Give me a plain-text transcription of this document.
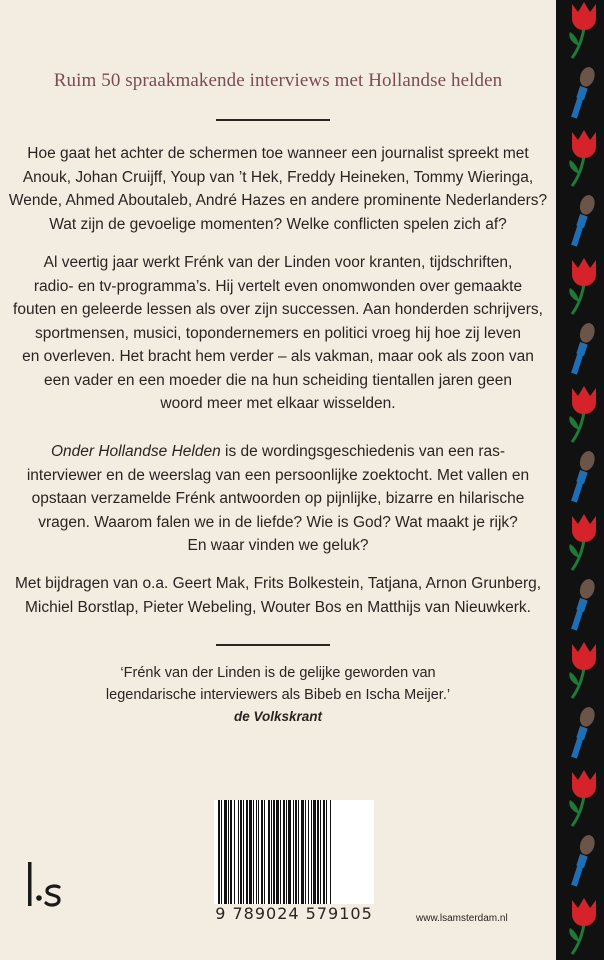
Ruim 50 spraakmakende interviews met Hollandse helden
Hoe gaat het achter de schermen toe wanneer een journalist spreekt met
Anouk, Johan Cruijff, Youp van ’t Hek, Freddy Heineken, Tommy Wieringa,
Wende, Ahmed Aboutaleb, André Hazes en andere prominente Nederlanders?
Wat zijn de gevoelige momenten? Welke conflicten spelen zich af?
Al veertig jaar werkt Frénk van der Linden voor kranten, tijdschriften,
radio- en tv-programma’s. Hij vertelt even onomwonden over gemaakte
fouten en geleerde lessen als over zijn successen. Aan honderden schrijvers,
sportmensen, musici, topondernemers en politici vroeg hij hoe zij leven
en overleven. Het bracht hem verder – als vakman, maar ook als zoon van
een vader en een moeder die na hun scheiding tientallen jaren geen
woord meer met elkaar wisselden.
Onder Hollandse Helden is de wordingsgeschiedenis van een ras-
interviewer en de weerslag van een persoonlijke zoektocht. Met vallen en
opstaan verzamelde Frénk antwoorden op pijnlijke, bizarre en hilarische
vragen. Waarom falen we in de liefde? Wie is God? Wat maakt je rijk?
En waar vinden we geluk?
Met bijdragen van o.a. Geert Mak, Frits Bolkestein, Tatjana, Arnon Grunberg,
Michiel Borstlap, Pieter Webeling, Wouter Bos en Matthijs van Nieuwkerk.
‘Frénk van der Linden is de gelijke geworden van
legendarische interviewers als Bibeb en Ischa Meijer.’
de Volkskrant
9 789024 579105	www.lsamsterdam.nl
